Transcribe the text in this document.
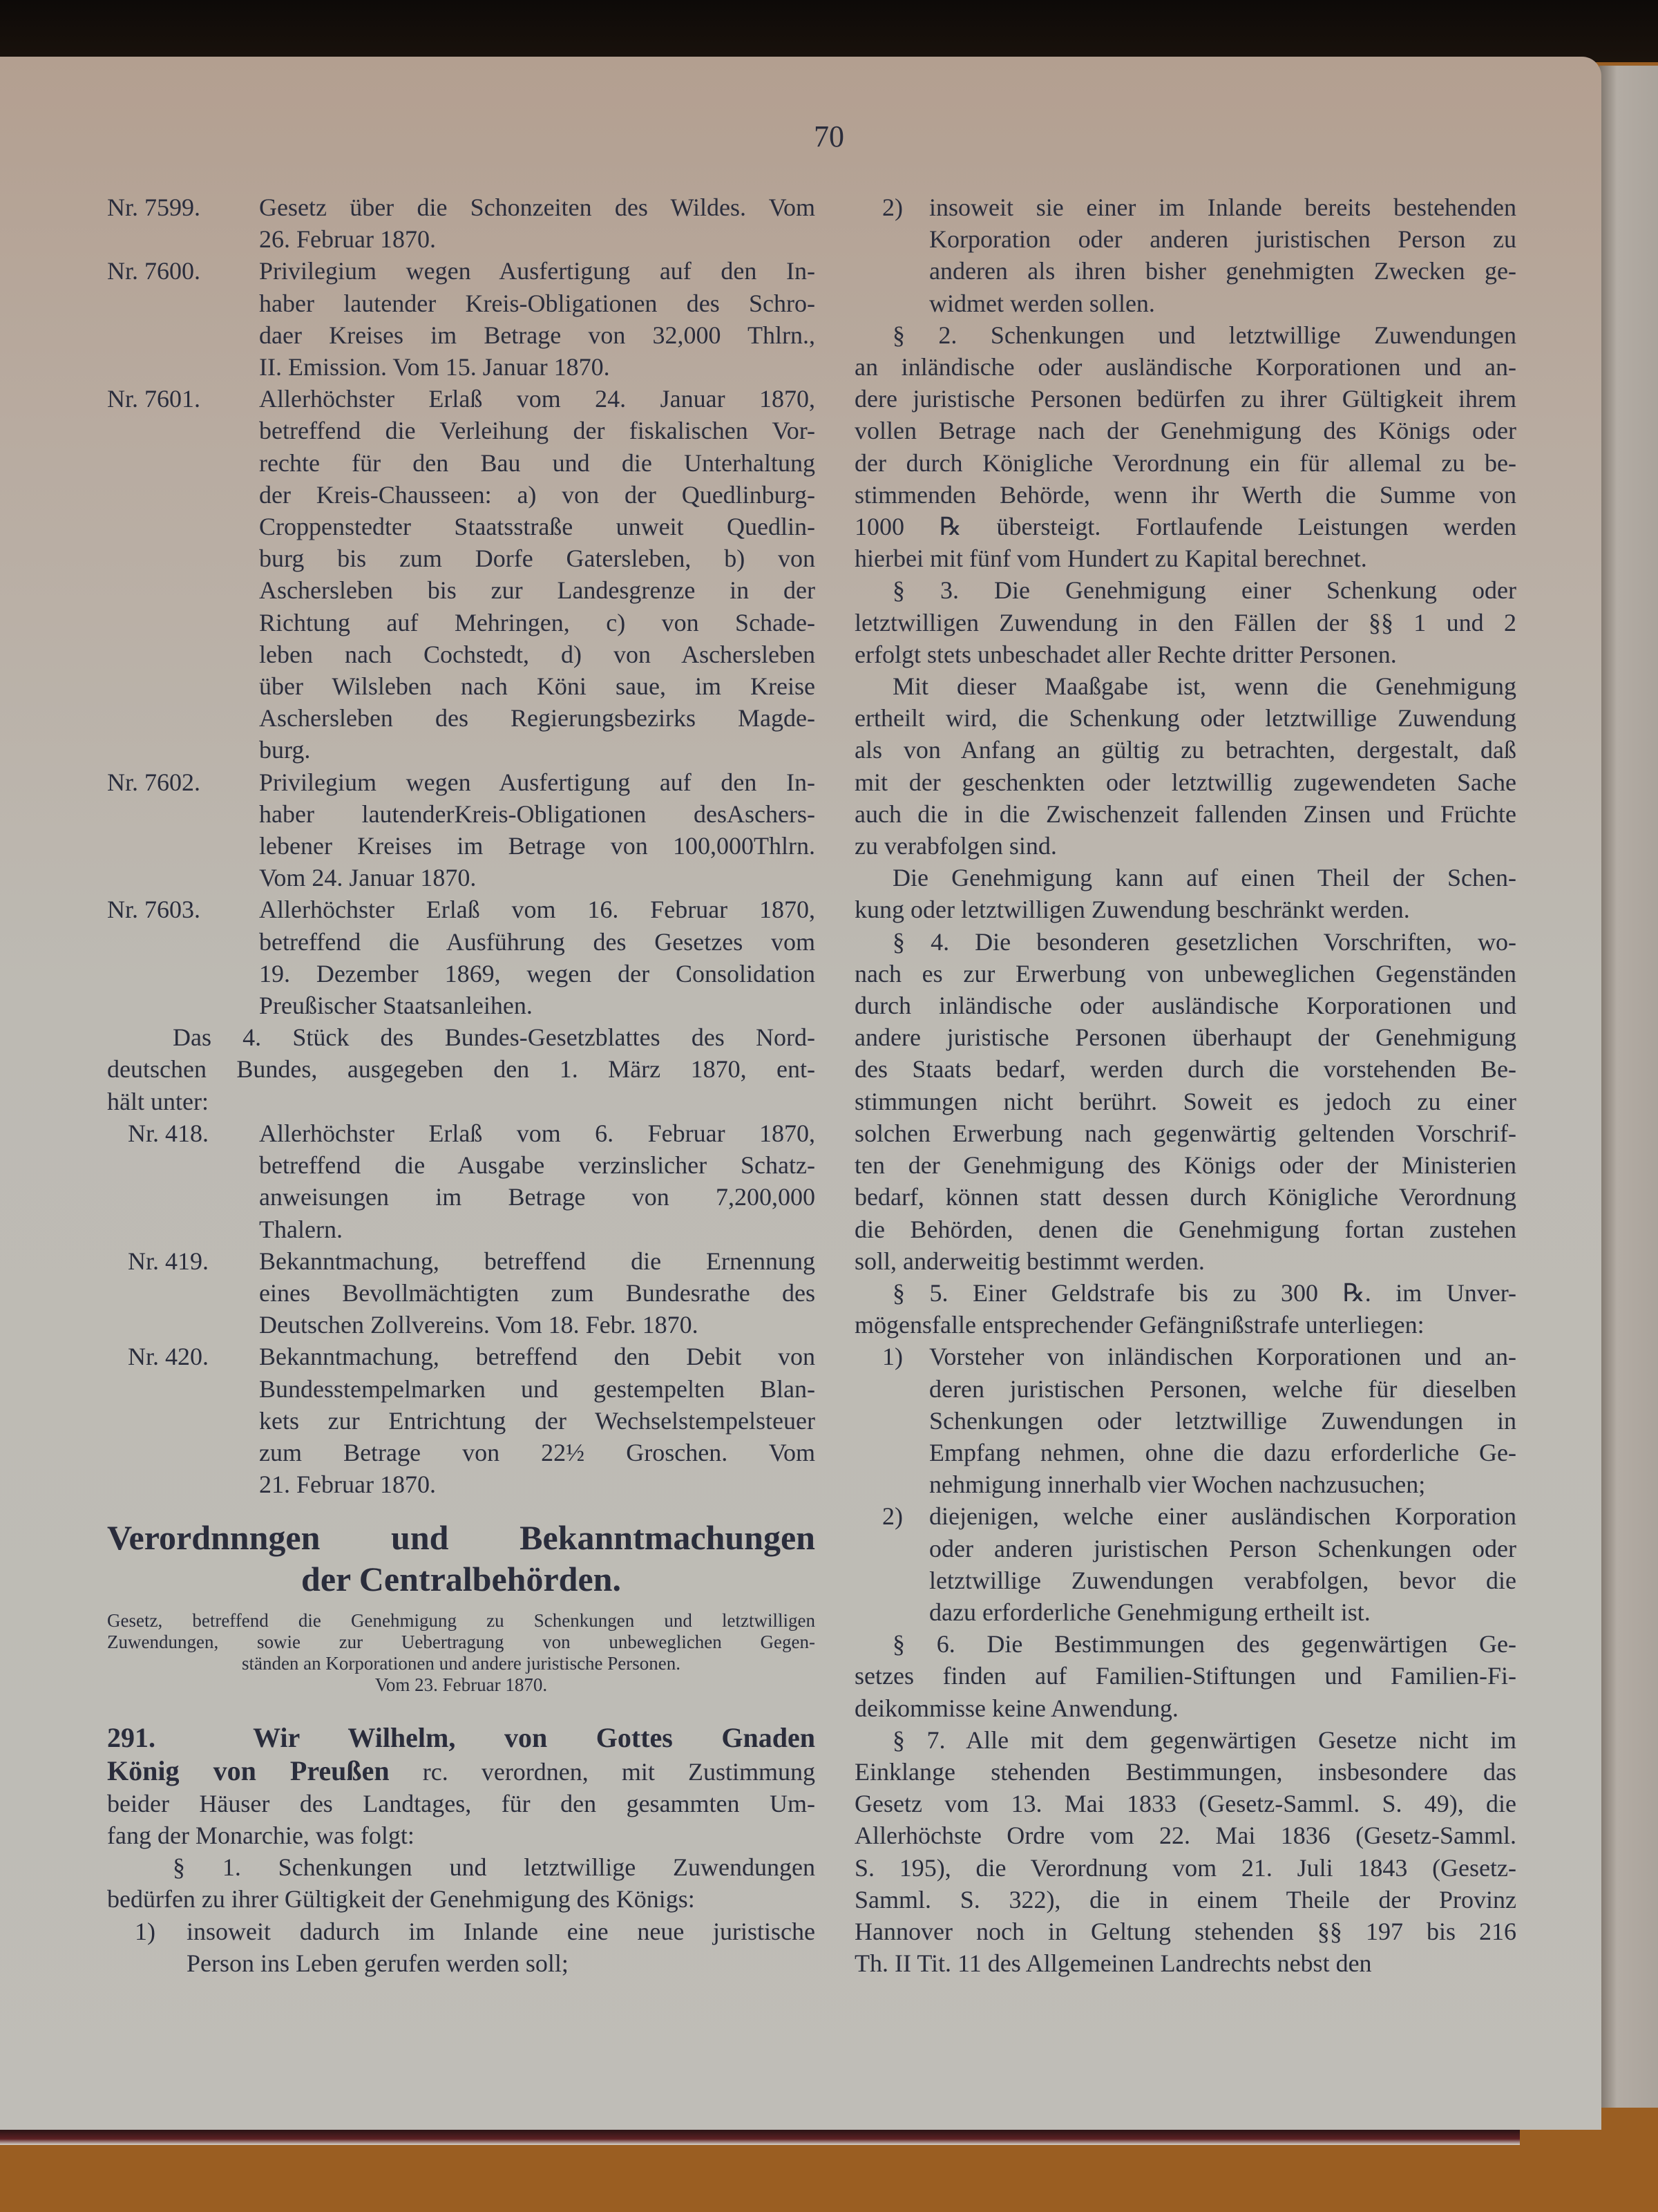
70
Nr. 7599.	Gesetz über die Schonzeiten des Wildes. Vom
26. Februar 1870.
Nr. 7600.	Privilegium wegen Ausfertigung auf den In-
haber lautender Kreis-Obligationen des Schro-
daer Kreises im Betrage von 32,000 Thlrn.,
II. Emission. Vom 15. Januar 1870.
Nr. 7601.	Allerhöchster Erlaß vom 24. Januar 1870,
betreffend die Verleihung der fiskalischen Vor-
rechte für den Bau und die Unterhaltung
der Kreis-Chausseen: a) von der Quedlinburg-
Croppenstedter Staatsstraße unweit Quedlin-
burg bis zum Dorfe Gatersleben, b) von
Aschersleben bis zur Landesgrenze in der
Richtung auf Mehringen, c) von Schade-
leben nach Cochstedt, d) von Aschersleben
über Wilsleben nach Köni saue, im Kreise
Aschersleben des Regierungsbezirks Magde-
burg.
Nr. 7602.	Privilegium wegen Ausfertigung auf den In-
haber lautenderKreis-Obligationen desAschers-
lebener Kreises im Betrage von 100,000Thlrn.
Vom 24. Januar 1870.
Nr. 7603.	Allerhöchster Erlaß vom 16. Februar 1870,
betreffend die Ausführung des Gesetzes vom
19. Dezember 1869, wegen der Consolidation
Preußischer Staatsanleihen.
Das 4. Stück des Bundes-Gesetzblattes des Nord-
deutschen Bundes, ausgegeben den 1. März 1870, ent-
hält unter:
Nr. 418.	Allerhöchster Erlaß vom 6. Februar 1870,
betreffend die Ausgabe verzinslicher Schatz-
anweisungen im Betrage von 7,200,000
Thalern.
Nr. 419.	Bekanntmachung, betreffend die Ernennung
eines Bevollmächtigten zum Bundesrathe des
Deutschen Zollvereins. Vom 18. Febr. 1870.
Nr. 420.	Bekanntmachung, betreffend den Debit von
Bundesstempelmarken und gestempelten Blan-
kets zur Entrichtung der Wechselstempelsteuer
zum Betrage von 22½ Groschen. Vom
21. Februar 1870.
Verordnnngen und Bekanntmachungen
der Centralbehörden.
Gesetz, betreffend die Genehmigung zu Schenkungen und letztwilligen
Zuwendungen, sowie zur Uebertragung von unbeweglichen Gegen-
ständen an Korporationen und andere juristische Personen.
Vom 23. Februar 1870.
291.	Wir Wilhelm, von Gottes Gnaden
König von Preußen rc. verordnen, mit Zustimmung
beider Häuser des Landtages, für den gesammten Um-
fang der Monarchie, was folgt:
§ 1. Schenkungen und letztwillige Zuwendungen
bedürfen zu ihrer Gültigkeit der Genehmigung des Königs:
1)	insoweit dadurch im Inlande eine neue juristische
Person ins Leben gerufen werden soll;
2)	insoweit sie einer im Inlande bereits bestehenden
Korporation oder anderen juristischen Person zu
anderen als ihren bisher genehmigten Zwecken ge-
widmet werden sollen.
§ 2. Schenkungen und letztwillige Zuwendungen
an inländische oder ausländische Korporationen und an-
dere juristische Personen bedürfen zu ihrer Gültigkeit ihrem
vollen Betrage nach der Genehmigung des Königs oder
der durch Königliche Verordnung ein für allemal zu be-
stimmenden Behörde, wenn ihr Werth die Summe von
1000 ℞ übersteigt. Fortlaufende Leistungen werden
hierbei mit fünf vom Hundert zu Kapital berechnet.
§ 3. Die Genehmigung einer Schenkung oder
letztwilligen Zuwendung in den Fällen der §§ 1 und 2
erfolgt stets unbeschadet aller Rechte dritter Personen.
Mit dieser Maaßgabe ist, wenn die Genehmigung
ertheilt wird, die Schenkung oder letztwillige Zuwendung
als von Anfang an gültig zu betrachten, dergestalt, daß
mit der geschenkten oder letztwillig zugewendeten Sache
auch die in die Zwischenzeit fallenden Zinsen und Früchte
zu verabfolgen sind.
Die Genehmigung kann auf einen Theil der Schen-
kung oder letztwilligen Zuwendung beschränkt werden.
§ 4. Die besonderen gesetzlichen Vorschriften, wo-
nach es zur Erwerbung von unbeweglichen Gegenständen
durch inländische oder ausländische Korporationen und
andere juristische Personen überhaupt der Genehmigung
des Staats bedarf, werden durch die vorstehenden Be-
stimmungen nicht berührt. Soweit es jedoch zu einer
solchen Erwerbung nach gegenwärtig geltenden Vorschrif-
ten der Genehmigung des Königs oder der Ministerien
bedarf, können statt dessen durch Königliche Verordnung
die Behörden, denen die Genehmigung fortan zustehen
soll, anderweitig bestimmt werden.
§ 5. Einer Geldstrafe bis zu 300 ℞. im Unver-
mögensfalle entsprechender Gefängnißstrafe unterliegen:
1)	Vorsteher von inländischen Korporationen und an-
deren juristischen Personen, welche für dieselben
Schenkungen oder letztwillige Zuwendungen in
Empfang nehmen, ohne die dazu erforderliche Ge-
nehmigung innerhalb vier Wochen nachzusuchen;
2)	diejenigen, welche einer ausländischen Korporation
oder anderen juristischen Person Schenkungen oder
letztwillige Zuwendungen verabfolgen, bevor die
dazu erforderliche Genehmigung ertheilt ist.
§ 6. Die Bestimmungen des gegenwärtigen Ge-
setzes finden auf Familien-Stiftungen und Familien-Fi-
deikommisse keine Anwendung.
§ 7. Alle mit dem gegenwärtigen Gesetze nicht im
Einklange stehenden Bestimmungen, insbesondere das
Gesetz vom 13. Mai 1833 (Gesetz-Samml. S. 49), die
Allerhöchste Ordre vom 22. Mai 1836 (Gesetz-Samml.
S. 195), die Verordnung vom 21. Juli 1843 (Gesetz-
Samml. S. 322), die in einem Theile der Provinz
Hannover noch in Geltung stehenden §§ 197 bis 216
Th. II Tit. 11 des Allgemeinen Landrechts nebst den
